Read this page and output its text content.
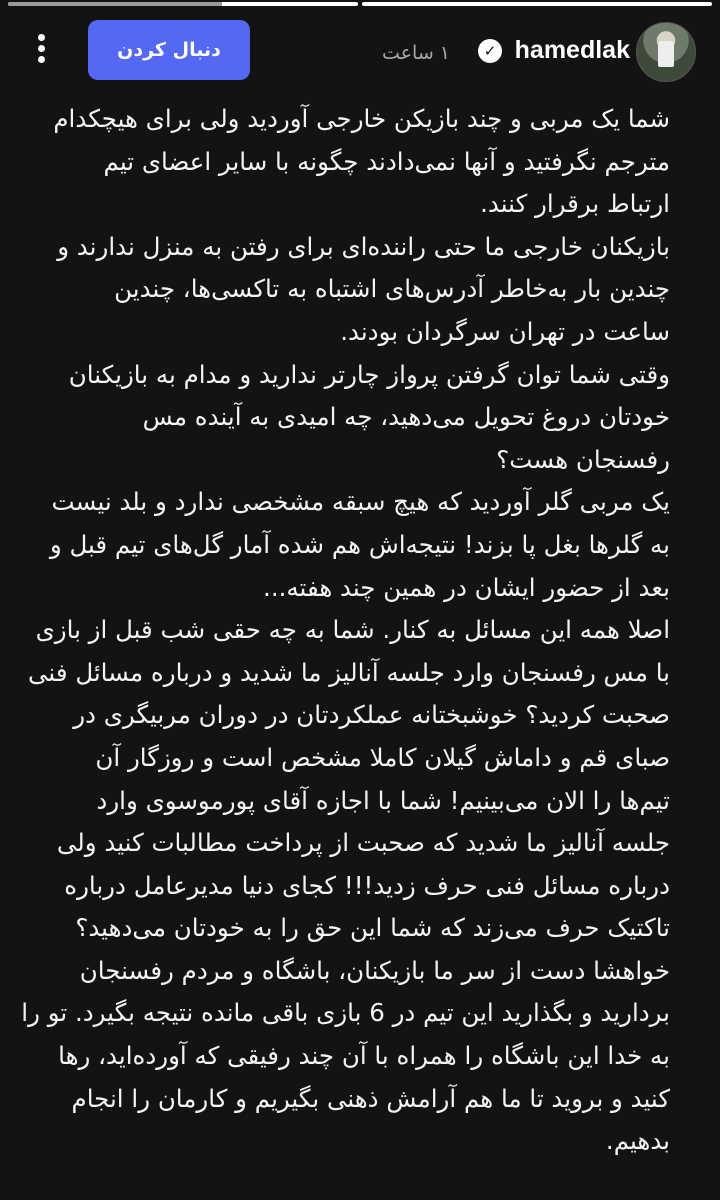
hamedlak
✓
۱ ساعت
دنبال کردن
شما یک مربی و چند بازیکن خارجی آوردید ولی برای هیچکدام
مترجم نگرفتید و آنها نمی‌دادند چگونه با سایر اعضای تیم
ارتباط برقرار کنند.
بازیکنان خارجی ما حتی راننده‌ای برای رفتن به منزل ندارند و
چندین بار به‌خاطر آدرس‌های اشتباه به تاکسی‌ها، چندین
ساعت در تهران سرگردان بودند.
وقتی شما توان گرفتن پرواز چارتر ندارید و مدام به بازیکنان
خودتان دروغ تحویل می‌دهید، چه امیدی به آینده مس
رفسنجان هست؟
یک مربی گلر آوردید که هیچ سبقه مشخصی ندارد و بلد نیست
به گلرها بغل پا بزند! نتیجه‌اش هم شده آمار گل‌های تیم قبل و
بعد از حضور ایشان در همین چند هفته...
اصلا همه این مسائل به کنار. شما به چه حقی شب قبل از بازی
با مس رفسنجان وارد جلسه آنالیز ما شدید و درباره مسائل فنی
صحبت کردید؟ خوشبختانه عملکردتان در دوران مربیگری در
صبای قم و داماش گیلان کاملا مشخص است و روزگار آن
تیم‌ها را الان می‌بینیم! شما با اجازه آقای پورموسوی وارد
جلسه آنالیز ما شدید که صحبت از پرداخت مطالبات کنید ولی
درباره مسائل فنی حرف زدید!!! کجای دنیا مدیرعامل درباره
تاکتیک حرف می‌زند که شما این حق را به خودتان می‌دهید؟
خواهشا دست از سر ما بازیکنان، باشگاه و مردم رفسنجان
بردارید و بگذارید این تیم در 6 بازی باقی مانده نتیجه بگیرد. تو را
به خدا این باشگاه را همراه با آن چند رفیقی که آورده‌اید، رها
کنید و بروید تا ما هم آرامش ذهنی بگیریم و کارمان را انجام
بدهیم.
